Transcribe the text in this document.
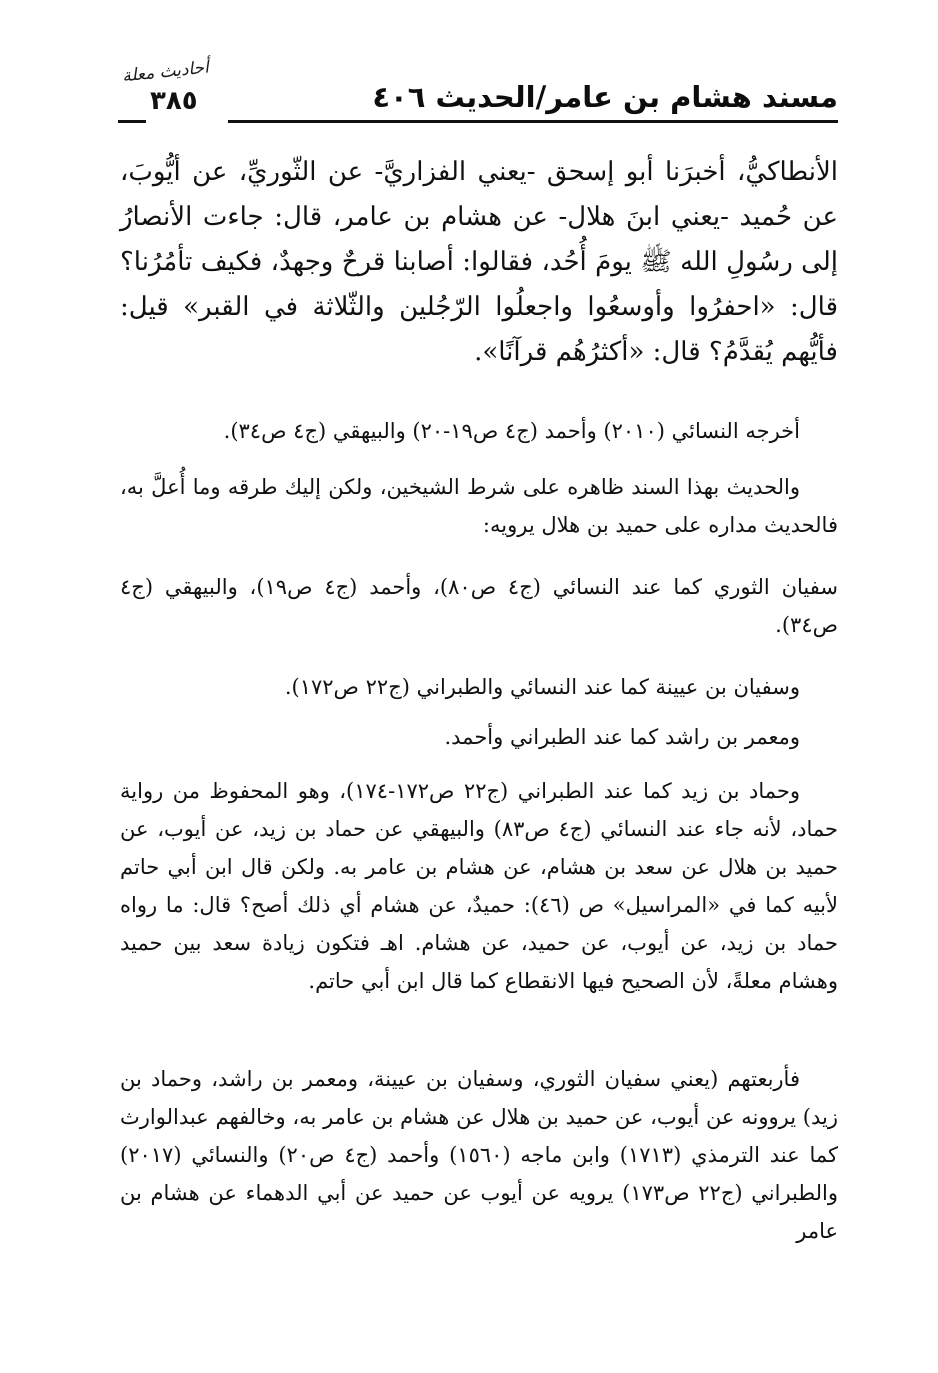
مسند هشام بن عامر/الحديث ٤٠٦
أحاديث معلة
٣٨٥

الأنطاكيُّ، أخبرَنا أبو إسحق -يعني الفزاريَّ- عن الثّوريِّ، عن أيُّوبَ، عن حُميد -يعني ابنَ هلال- عن هشام بن عامر، قال: جاءت الأنصارُ إلى رسُولِ الله ﷺ يومَ أُحُد، فقالوا: أصابنا قرحٌ وجهدٌ، فكيف تأمُرُنا؟ قال: «احفرُوا وأوسعُوا واجعلُوا الرّجُلين والثّلاثة في القبر» قيل: فأيُّهم يُقدَّمُ؟ قال: «أكثرُهُم قرآنًا».

أخرجه النسائي (٢٠١٠) وأحمد (ج٤ ص١٩-٢٠) والبيهقي (ج٤ ص٣٤).

والحديث بهذا السند ظاهره على شرط الشيخين، ولكن إليك طرقه وما أُعلَّ به، فالحديث مداره على حميد بن هلال يرويه:

سفيان الثوري كما عند النسائي (ج٤ ص٨٠)، وأحمد (ج٤ ص١٩)، والبيهقي (ج٤ ص٣٤).

وسفيان بن عيينة كما عند النسائي والطبراني (ج٢٢ ص١٧٢).

ومعمر بن راشد كما عند الطبراني وأحمد.

وحماد بن زيد كما عند الطبراني (ج٢٢ ص١٧٢-١٧٤)، وهو المحفوظ من رواية حماد، لأنه جاء عند النسائي (ج٤ ص٨٣) والبيهقي عن حماد بن زيد، عن أيوب، عن حميد بن هلال عن سعد بن هشام، عن هشام بن عامر به. ولكن قال ابن أبي حاتم لأبيه كما في «المراسيل» ص (٤٦): حميدٌ، عن هشام أي ذلك أصح؟ قال: ما رواه حماد بن زيد، عن أيوب، عن حميد، عن هشام. اهـ فتكون زيادة سعد بين حميد وهشام معلةً، لأن الصحيح فيها الانقطاع كما قال ابن أبي حاتم.

فأربعتهم (يعني سفيان الثوري، وسفيان بن عيينة، ومعمر بن راشد، وحماد بن زيد) يروونه عن أيوب، عن حميد بن هلال عن هشام بن عامر به، وخالفهم عبدالوارث كما عند الترمذي (١٧١٣) وابن ماجه (١٥٦٠) وأحمد (ج٤ ص٢٠) والنسائي (٢٠١٧) والطبراني (ج٢٢ ص١٧٣) يرويه عن أيوب عن حميد عن أبي الدهماء عن هشام بن عامر
